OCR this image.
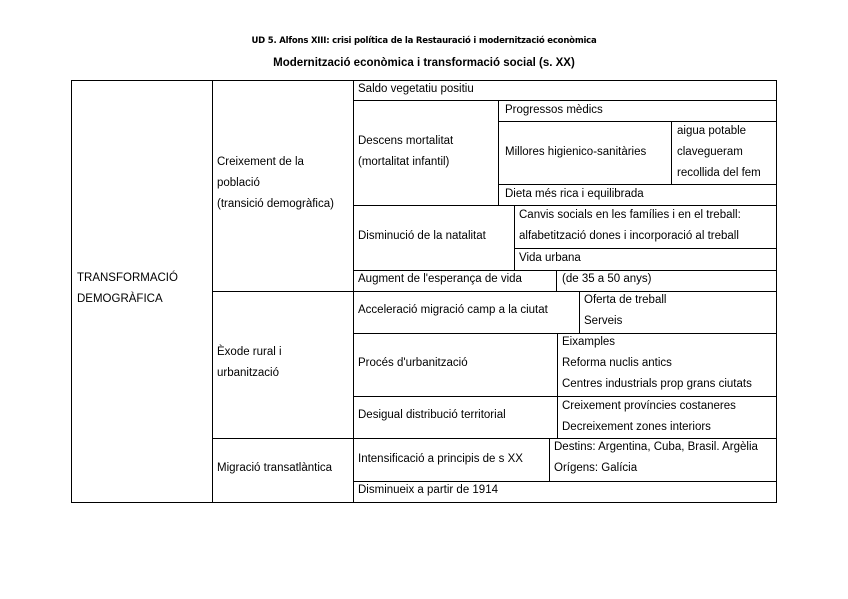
UD 5. Alfons XIII: crisi política de la Restauració i modernització econòmica
Modernització econòmica i transformació social (s. XX)
TRANSFORMACIÓ
DEMOGRÀFICA
Creixement de la
població
(transició demogràfica)
Èxode rural i
urbanització
Migració transatlàntica
Saldo vegetatiu positiu
Descens mortalitat
(mortalitat infantil)
Progressos mèdics
Millores higienico-sanitàries
aigua potable
clavegueram
recollida del fem
Dieta més rica i equilibrada
Disminució de la natalitat
Canvis socials en les famílies i en el treball:
alfabetització dones i incorporació al treball
Vida urbana
Augment de l'esperança de vida	(de 35 a 50 anys)
Acceleració migració camp a la ciutat
Oferta de treball
Serveis
Procés d'urbanització
Eixamples
Reforma nuclis antics
Centres industrials prop grans ciutats
Desigual distribució territorial
Creixement províncies costaneres
Decreixement zones interiors
Intensificació a principis de s XX
Destins: Argentina, Cuba, Brasil. Argèlia
Orígens: Galícia
Disminueix a partir de 1914
